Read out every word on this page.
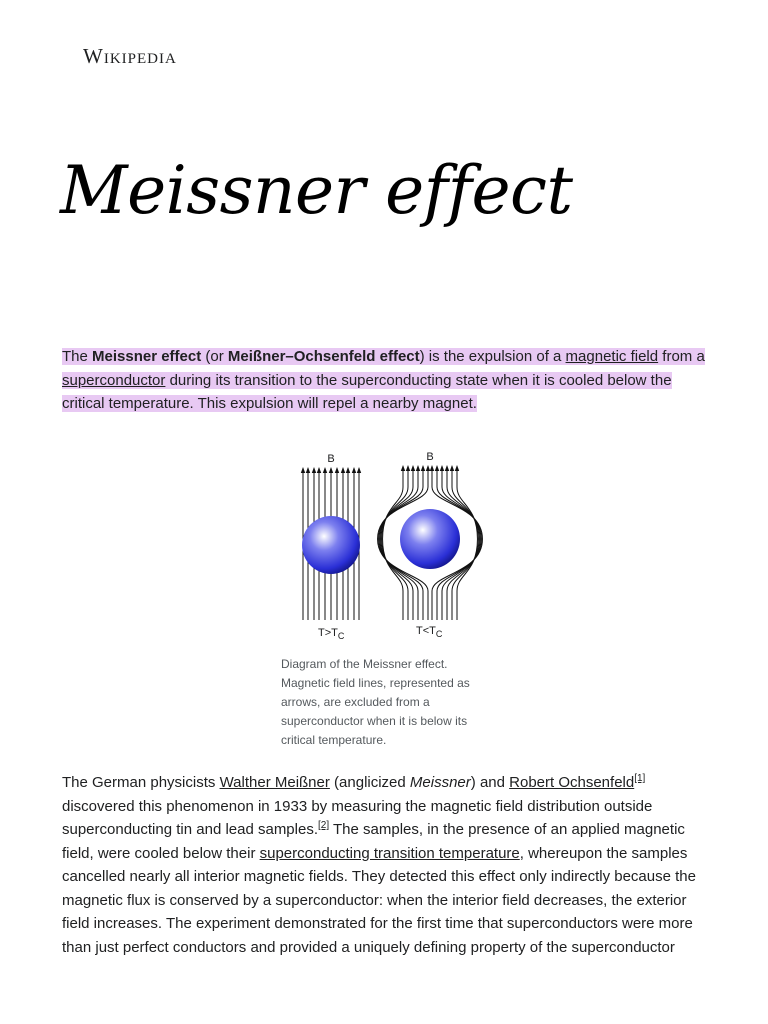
Wikipedia
Meissner effect

The Meissner effect (or Meißner–Ochsenfeld effect) is the expulsion of a magnetic field from a superconductor during its transition to the superconducting state when it is cooled below the critical temperature. This expulsion will repel a nearby magnet.

B	B
$T>T_C$	$T<T_C$

Diagram of the Meissner effect. Magnetic field lines, represented as arrows, are excluded from a superconductor when it is below its critical temperature.

The German physicists Walther Meißner (anglicized Meissner) and Robert Ochsenfeld[1] discovered this phenomenon in 1933 by measuring the magnetic field distribution outside superconducting tin and lead samples.[2] The samples, in the presence of an applied magnetic field, were cooled below their superconducting transition temperature, whereupon the samples cancelled nearly all interior magnetic fields. They detected this effect only indirectly because the magnetic flux is conserved by a superconductor: when the interior field decreases, the exterior field increases. The experiment demonstrated for the first time that superconductors were more than just perfect conductors and provided a uniquely defining property of the superconductor
